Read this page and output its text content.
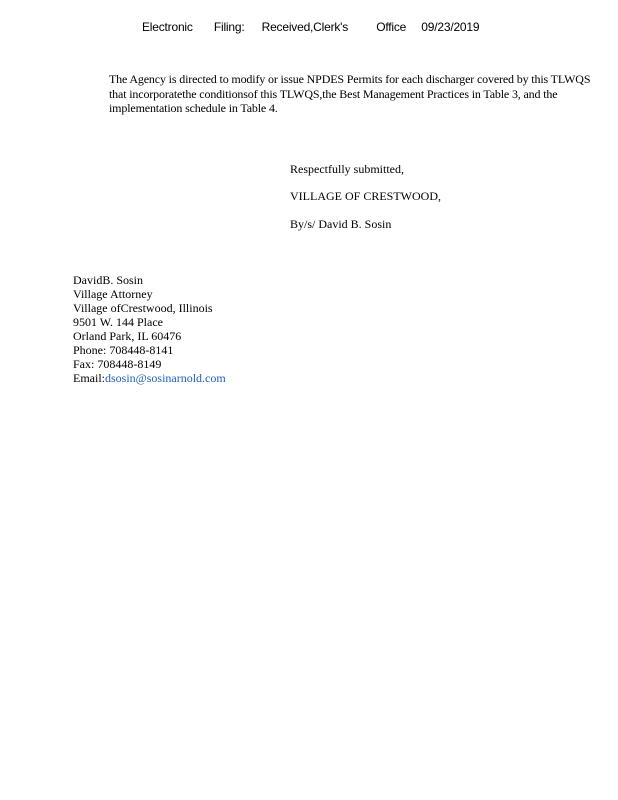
Electronic Filing: Received,Clerk's Office 09/23/2019
The Agency is directed to modify or issue NPDES Permits for each discharger covered by this TLWQS that incorporatethe conditionsof this TLWQS,the Best Management Practices in Table 3, and the implementation schedule in Table 4.
Respectfully submitted,
VILLAGE OF CRESTWOOD,
By/s/ David B. Sosin
DavidB. Sosin
Village Attorney
Village ofCrestwood, Illinois
9501 W. 144 Place
Orland Park, IL 60476
Phone: 708448-8141
Fax: 708448-8149
Email:dsosin@sosinarnold.com
